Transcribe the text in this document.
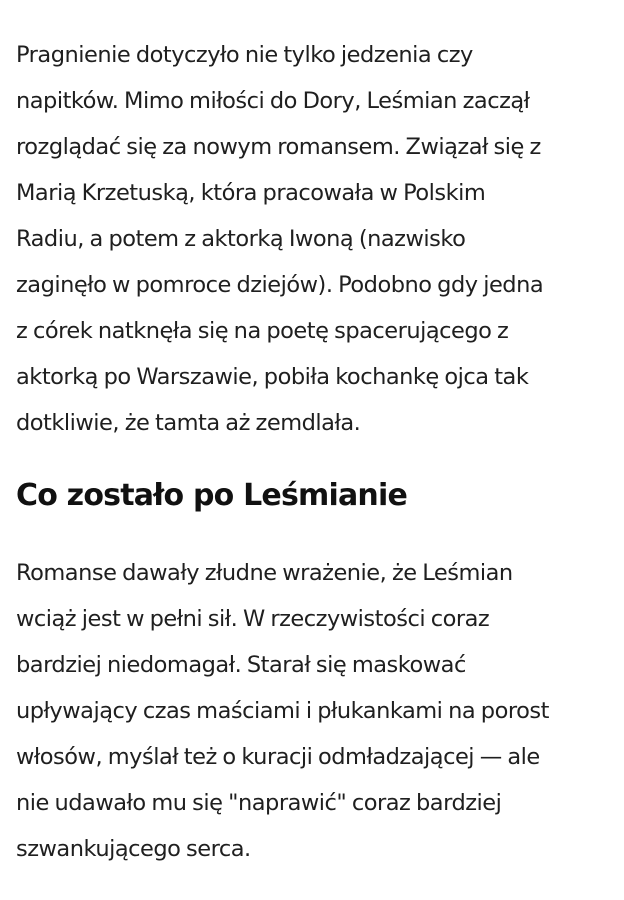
Pragnienie dotyczyło nie tylko jedzenia czy
napitków. Mimo miłości do Dory, Leśmian zaczął
rozglądać się za nowym romansem. Związał się z
Marią Krzetuską, która pracowała w Polskim
Radiu, a potem z aktorką Iwoną (nazwisko
zaginęło w pomroce dziejów). Podobno gdy jedna
z córek natknęła się na poetę spacerującego z
aktorką po Warszawie, pobiła kochankę ojca tak
dotkliwie, że tamta aż zemdlała.

Co zostało po Leśmianie

Romanse dawały złudne wrażenie, że Leśmian
wciąż jest w pełni sił. W rzeczywistości coraz
bardziej niedomagał. Starał się maskować
upływający czas maściami i płukankami na porost
włosów, myślał też o kuracji odmładzającej — ale
nie udawało mu się "naprawić" coraz bardziej
szwankującego serca.
